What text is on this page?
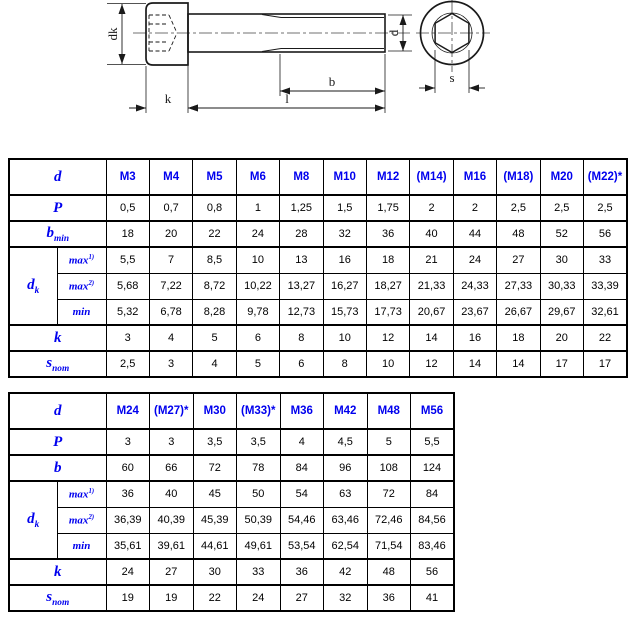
dk
k
b
l
d
s
d		M3	M4	M5	M6	M8	M10	M12	(M14)	M16	(M18)	M20	(M22)*
P		0,5	0,7	0,8	1	1,25	1,5	1,75	2	2	2,5	2,5	2,5
$b_{min}$		18	20	22	24	28	32	36	40	44	48	52	56
$d_k$	$\max^{1)}$	5,5	7	8,5	10	13	16	18	21	24	27	30	33
	$\max^{2)}$	5,68	7,22	8,72	10,22	13,27	16,27	18,27	21,33	24,33	27,33	30,33	33,39
	min	5,32	6,78	8,28	9,78	12,73	15,73	17,73	20,67	23,67	26,67	29,67	32,61
k		3	4	5	6	8	10	12	14	16	18	20	22
$s_{nom}$		2,5	3	4	5	6	8	10	12	14	14	17	17
d		M24	(M27)*	M30	(M33)*	M36	M42	M48	M56
P		3	3	3,5	3,5	4	4,5	5	5,5
b		60	66	72	78	84	96	108	124
$d_k$	$\max^{1)}$	36	40	45	50	54	63	72	84
	$\max^{2)}$	36,39	40,39	45,39	50,39	54,46	63,46	72,46	84,56
	min	35,61	39,61	44,61	49,61	53,54	62,54	71,54	83,46
k		24	27	30	33	36	42	48	56
$s_{nom}$		19	19	22	24	27	32	36	41
